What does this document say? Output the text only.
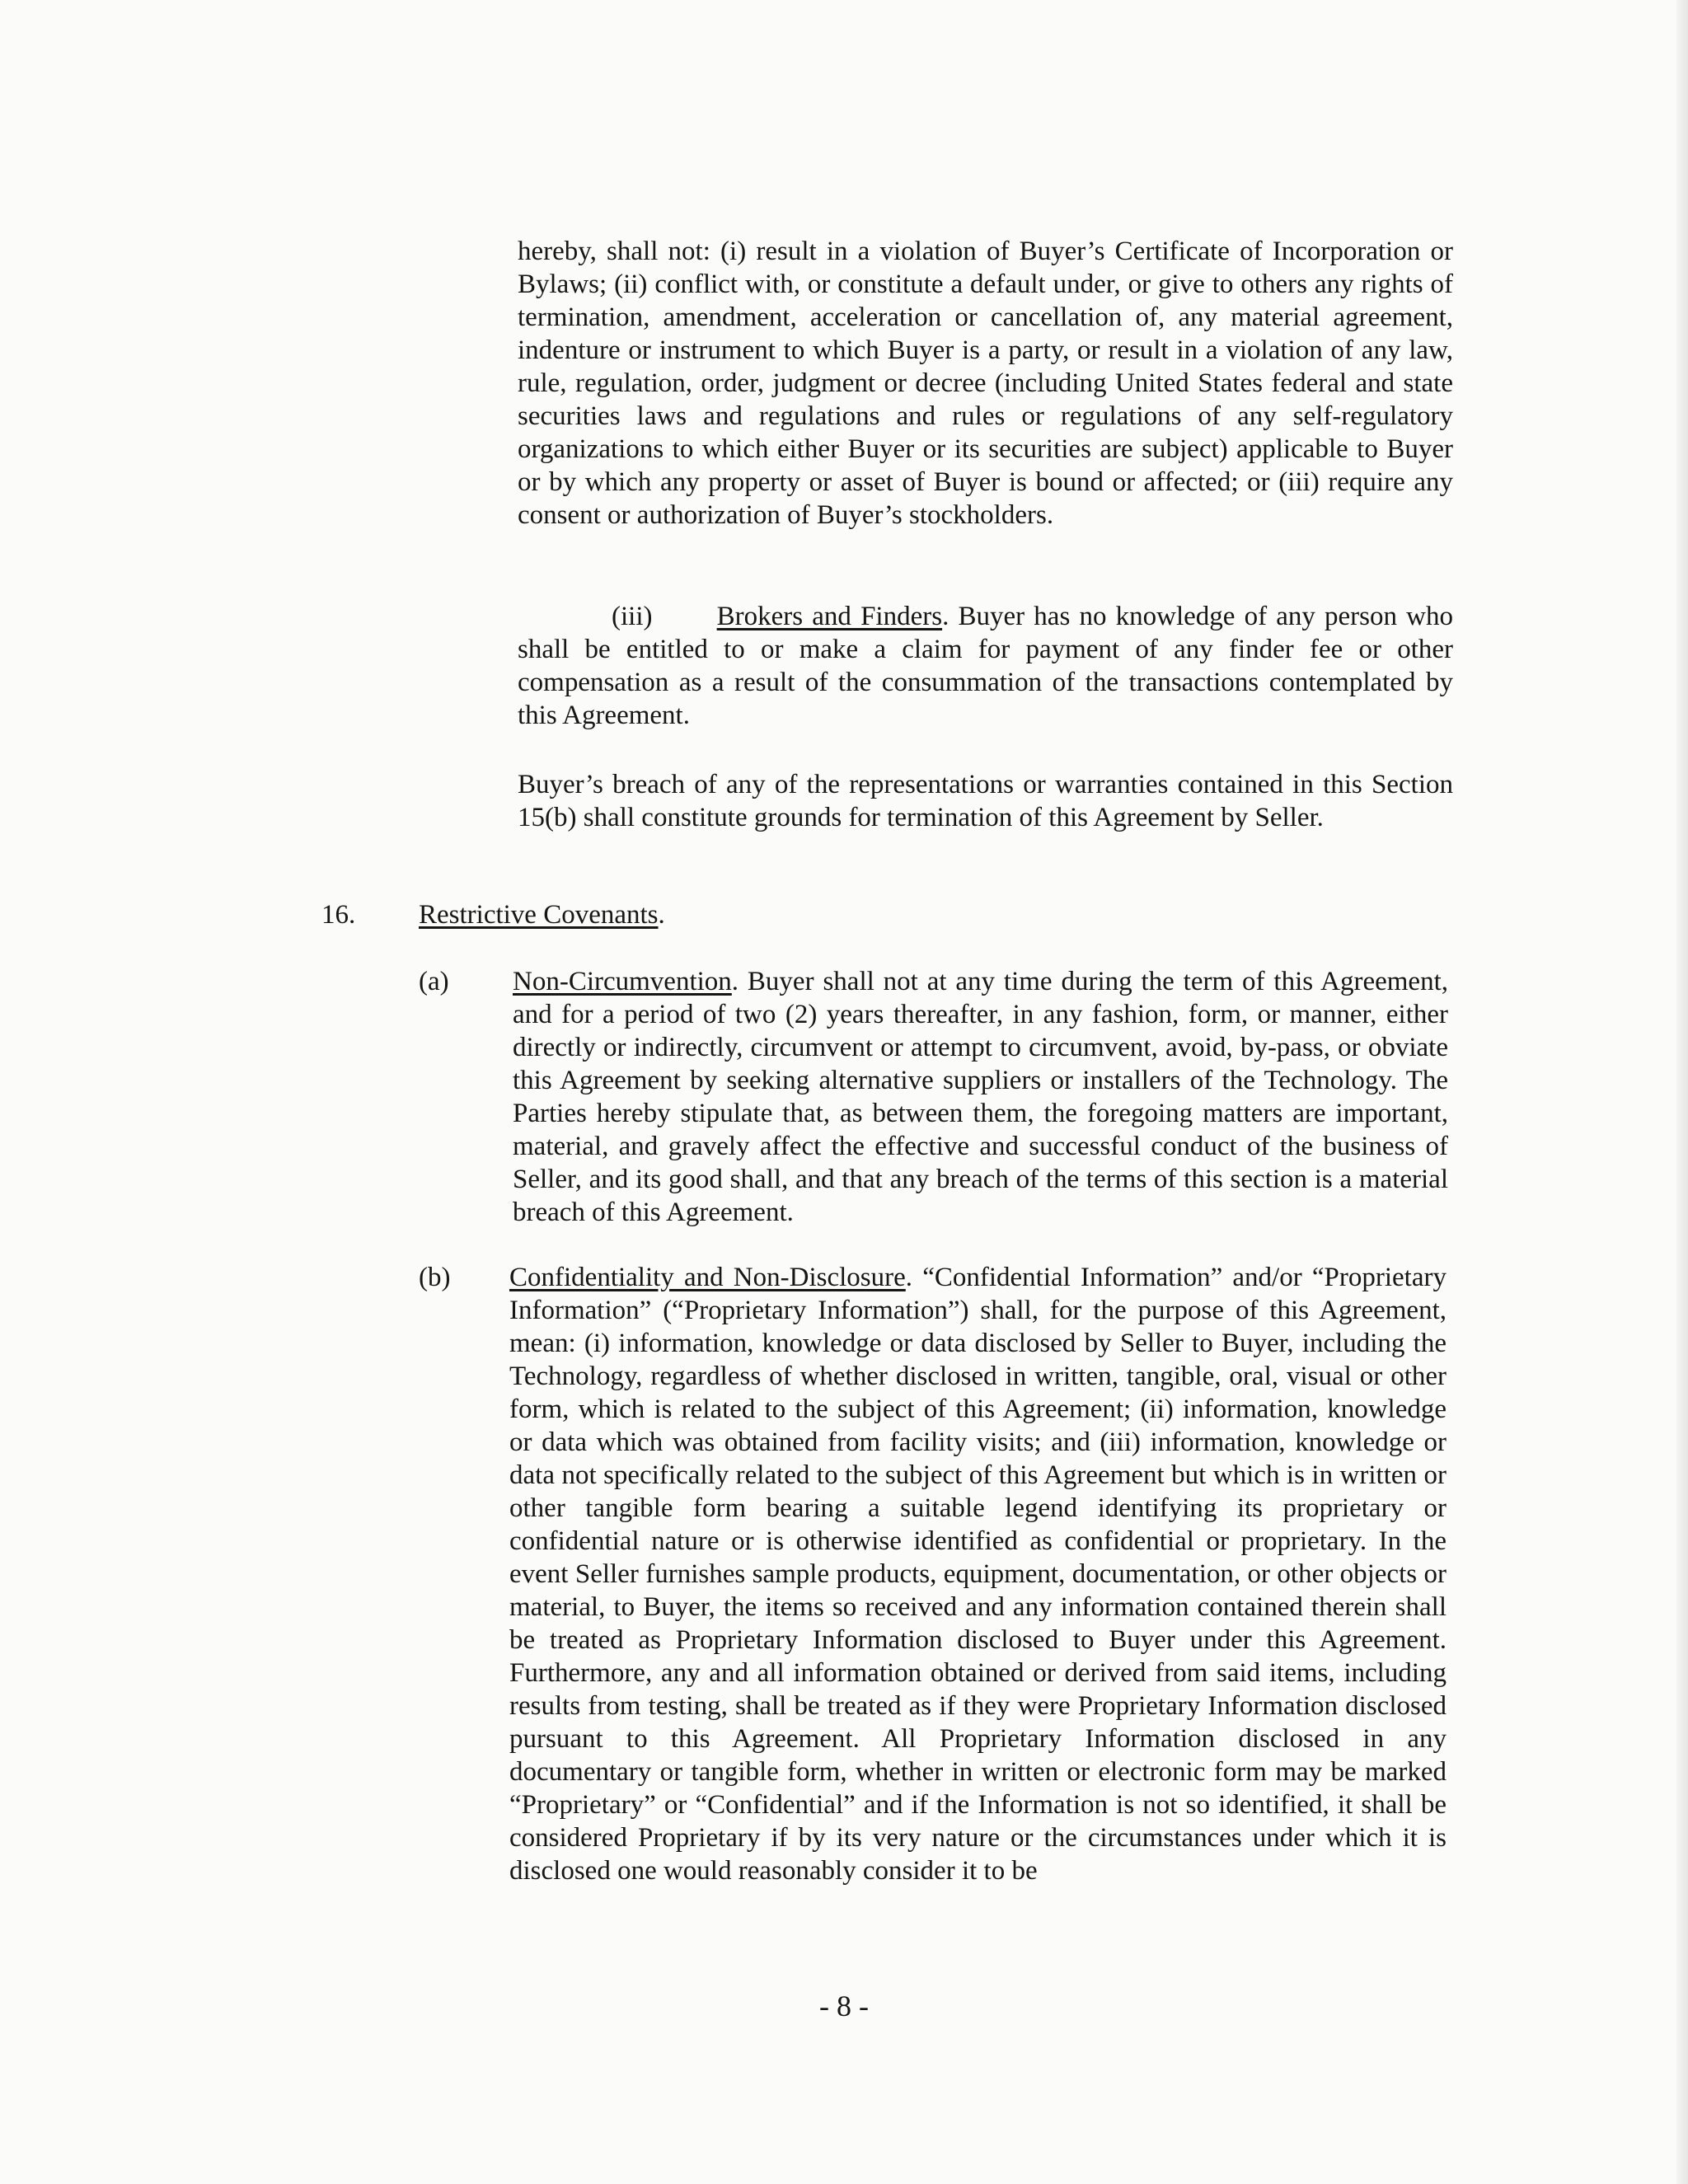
hereby, shall not: (i) result in a violation of Buyer’s Certificate of Incorporation or Bylaws; (ii) conflict with, or constitute a default under, or give to others any rights of termination, amendment, acceleration or cancellation of, any material agreement, indenture or instrument to which Buyer is a party, or result in a violation of any law, rule, regulation, order, judgment or decree (including United States federal and state securities laws and regulations and rules or regulations of any self-regulatory organizations to which either Buyer or its securities are subject) applicable to Buyer or by which any property or asset of Buyer is bound or affected; or (iii) require any consent or authorization of Buyer’s stockholders.

(iii) Brokers and Finders. Buyer has no knowledge of any person who shall be entitled to or make a claim for payment of any finder fee or other compensation as a result of the consummation of the transactions contemplated by this Agreement.

Buyer’s breach of any of the representations or warranties contained in this Section 15(b) shall constitute grounds for termination of this Agreement by Seller.

16. Restrictive Covenants.
(a) Non-Circumvention. Buyer shall not at any time during the term of this Agreement, and for a period of two (2) years thereafter, in any fashion, form, or manner, either directly or indirectly, circumvent or attempt to circumvent, avoid, by-pass, or obviate this Agreement by seeking alternative suppliers or installers of the Technology. The Parties hereby stipulate that, as between them, the foregoing matters are important, material, and gravely affect the effective and successful conduct of the business of Seller, and its good shall, and that any breach of the terms of this section is a material breach of this Agreement.

(b) Confidentiality and Non-Disclosure. “Confidential Information” and/or “Proprietary Information” (“Proprietary Information”) shall, for the purpose of this Agreement, mean: (i) information, knowledge or data disclosed by Seller to Buyer, including the Technology, regardless of whether disclosed in written, tangible, oral, visual or other form, which is related to the subject of this Agreement; (ii) information, knowledge or data which was obtained from facility visits; and (iii) information, knowledge or data not specifically related to the subject of this Agreement but which is in written or other tangible form bearing a suitable legend identifying its proprietary or confidential nature or is otherwise identified as confidential or proprietary. In the event Seller furnishes sample products, equipment, documentation, or other objects or material, to Buyer, the items so received and any information contained therein shall be treated as Proprietary Information disclosed to Buyer under this Agreement. Furthermore, any and all information obtained or derived from said items, including results from testing, shall be treated as if they were Proprietary Information disclosed pursuant to this Agreement. All Proprietary Information disclosed in any documentary or tangible form, whether in written or electronic form may be marked “Proprietary” or “Confidential” and if the Information is not so identified, it shall be considered Proprietary if by its very nature or the circumstances under which it is disclosed one would reasonably consider it to be

- 8 -
